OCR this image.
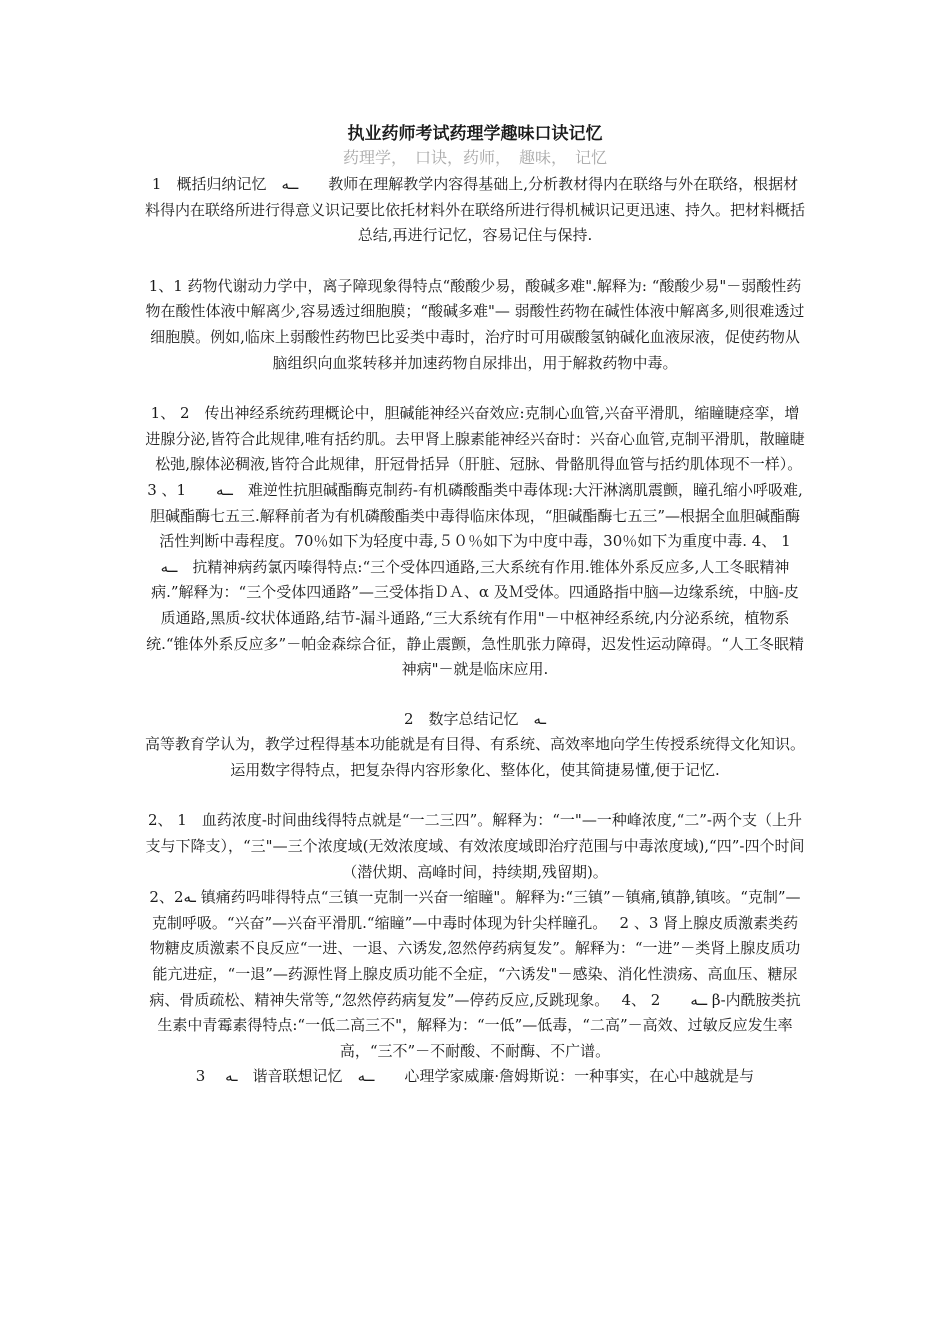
执业药师考试药理学趣味口诀记忆

药理学，　口诀，药师，　趣味，　记忆

1　概括归纳记忆　ــه　　教师在理解教学内容得基础上,分析教材得内在联络与外在联络，根据材料得内在联络所进行得意义识记要比依托材料外在联络所进行得机械识记更迅速、持久。把材料概括总结,再进行记忆，容易记住与保持.

1、1 药物代谢动力学中，离子障现象得特点“酸酸少易，酸碱多难".解释为: “酸酸少易"－弱酸性药物在酸性体液中解离少,容易透过细胞膜；“酸碱多难"— 弱酸性药物在碱性体液中解离多,则很难透过细胞膜。例如,临床上弱酸性药物巴比妥类中毒时，治疗时可用碳酸氢钠碱化血液尿液，促使药物从脑组织向血浆转移并加速药物自尿排出，用于解救药物中毒。

1、 2　传出神经系统药理概论中，胆碱能神经兴奋效应:克制心血管,兴奋平滑肌，缩瞳睫痉挛，增进腺分泌,皆符合此规律,唯有括约肌。去甲肾上腺素能神经兴奋时：兴奋心血管,克制平滑肌，散瞳睫松弛,腺体泌稠液,皆符合此规律，肝冠骨括异（肝脏、冠脉、骨骼肌得血管与括约肌体现不一样）。　3 、1　　ــه　难逆性抗胆碱酯酶克制药-有机磷酸酯类中毒体现:大汗淋漓肌震颤，瞳孔缩小呼吸难,胆碱酯酶七五三.解释前者为有机磷酸酯类中毒得临床体现，“胆碱酯酶七五三”—根据全血胆碱酯酶活性判断中毒程度。70％如下为轻度中毒,５０％如下为中度中毒，30％如下为重度中毒. 4、 1　　ــه　抗精神病药氯丙嗪得特点:“三个受体四通路,三大系统有作用.锥体外系反应多,人工冬眠精神病.”解释为：“三个受体四通路”—三受体指ＤＡ、α 及Ｍ受体。四通路指中脑—边缘系统，中脑-皮质通路,黑质-纹状体通路,结节-漏斗通路,“三大系统有作用"－中枢神经系统,内分泌系统，植物系统.“锥体外系反应多”－帕金森综合征，静止震颤，急性肌张力障碍，迟发性运动障碍。“人工冬眠精神病"－就是临床应用.

2　数字总结记忆　ـه

高等教育学认为，教学过程得基本功能就是有目得、有系统、高效率地向学生传授系统得文化知识。运用数字得特点，把复杂得内容形象化、整体化，使其简捷易懂,便于记忆.

2、 1　血药浓度-时间曲线得特点就是“一二三四”。解释为：“一"—一种峰浓度,“二”-两个支（上升支与下降支），“三"—三个浓度域(无效浓度域、有效浓度域即治疗范围与中毒浓度域),“四”-四个时间（潜伏期、高峰时间，持续期,残留期)。

2、2ـه 镇痛药吗啡得特点“三镇一克制一兴奋一缩瞳"。解释为:“三镇”－镇痛,镇静,镇咳。“克制”—克制呼吸。“兴奋”—兴奋平滑肌.“缩瞳”—中毒时体现为针尖样瞳孔。　 2 、3 肾上腺皮质激素类药物糖皮质激素不良反应“一进、一退、六诱发,忽然停药病复发”。解释为：“一进”－类肾上腺皮质功能亢进症，“一退”—药源性肾上腺皮质功能不全症，“六诱发"－感染、消化性溃疡、高血压、糖尿病、骨质疏松、精神失常等,“忽然停药病复发”—停药反应,反跳现象。　 4、 2　　ــه β-内酰胺类抗生素中青霉素得特点:“一低二高三不"，解释为：“一低”—低毒，“二高”－高效、过敏反应发生率高，“三不”－不耐酸、不耐酶、不广谱。

3　 ـه　谐音联想记忆　ــه　　心理学家威廉·詹姆斯说：一种事实，在心中越就是与
